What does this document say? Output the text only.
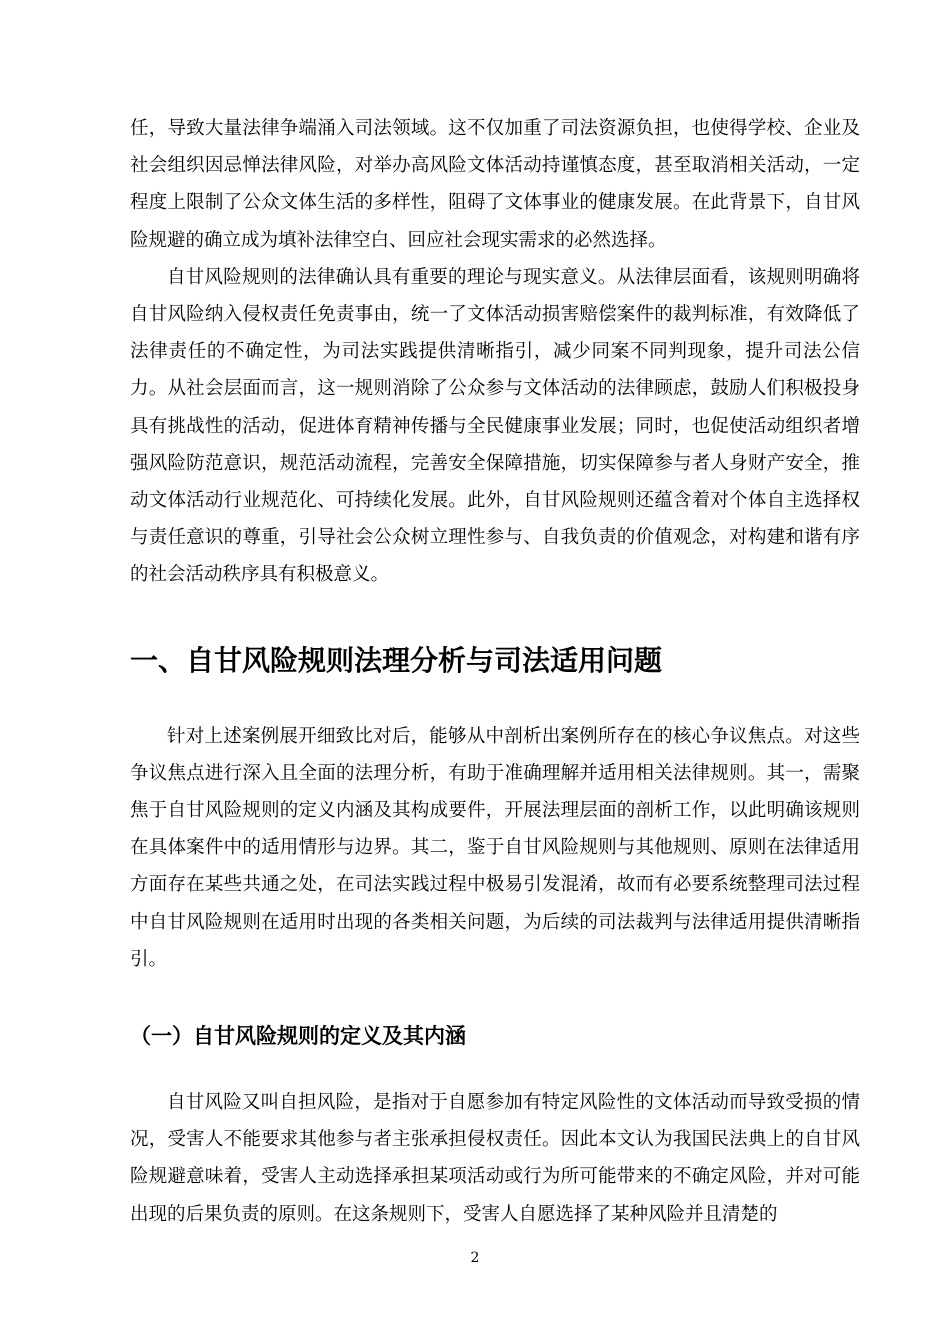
任，导致大量法律争端涌入司法领域。这不仅加重了司法资源负担，也使得学校、企业及社会组织因忌惮法律风险，对举办高风险文体活动持谨慎态度，甚至取消相关活动，一定程度上限制了公众文体生活的多样性，阻碍了文体事业的健康发展。在此背景下，自甘风险规避的确立成为填补法律空白、回应社会现实需求的必然选择。

自甘风险规则的法律确认具有重要的理论与现实意义。从法律层面看，该规则明确将自甘风险纳入侵权责任免责事由，统一了文体活动损害赔偿案件的裁判标准，有效降低了法律责任的不确定性，为司法实践提供清晰指引，减少同案不同判现象，提升司法公信力。从社会层面而言，这一规则消除了公众参与文体活动的法律顾虑，鼓励人们积极投身具有挑战性的活动，促进体育精神传播与全民健康事业发展；同时，也促使活动组织者增强风险防范意识，规范活动流程，完善安全保障措施，切实保障参与者人身财产安全，推动文体活动行业规范化、可持续化发展。此外，自甘风险规则还蕴含着对个体自主选择权与责任意识的尊重，引导社会公众树立理性参与、自我负责的价值观念，对构建和谐有序的社会活动秩序具有积极意义。

一、自甘风险规则法理分析与司法适用问题

针对上述案例展开细致比对后，能够从中剖析出案例所存在的核心争议焦点。对这些争议焦点进行深入且全面的法理分析，有助于准确理解并适用相关法律规则。其一，需聚焦于自甘风险规则的定义内涵及其构成要件，开展法理层面的剖析工作，以此明确该规则在具体案件中的适用情形与边界。其二，鉴于自甘风险规则与其他规则、原则在法律适用方面存在某些共通之处，在司法实践过程中极易引发混淆，故而有必要系统整理司法过程中自甘风险规则在适用时出现的各类相关问题，为后续的司法裁判与法律适用提供清晰指引。

（一）自甘风险规则的定义及其内涵

自甘风险又叫自担风险，是指对于自愿参加有特定风险性的文体活动而导致受损的情况，受害人不能要求其他参与者主张承担侵权责任。因此本文认为我国民法典上的自甘风险规避意味着，受害人主动选择承担某项活动或行为所可能带来的不确定风险，并对可能出现的后果负责的原则。在这条规则下，受害人自愿选择了某种风险并且清楚的

2
